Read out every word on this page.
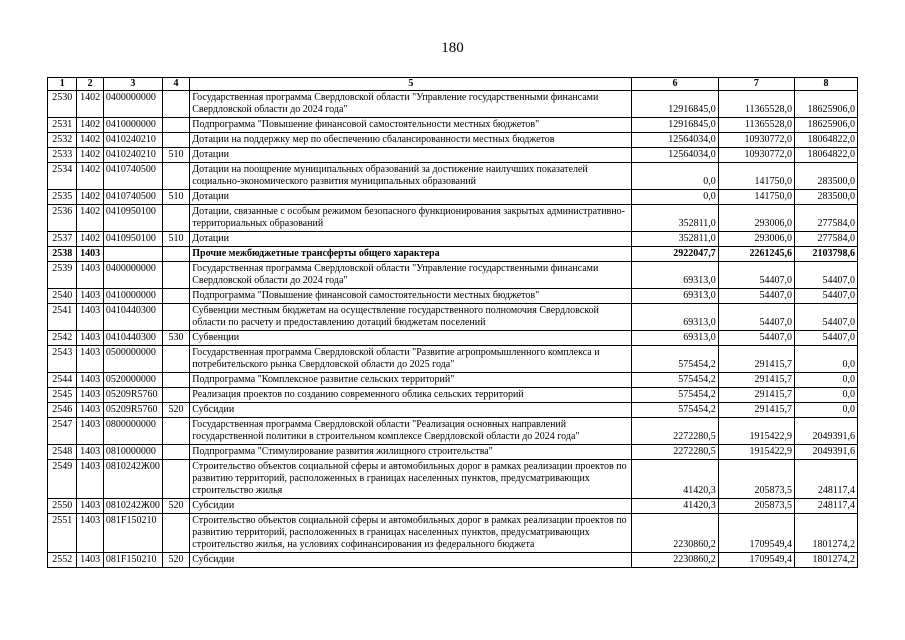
180
1	2	3	4	5	6	7	8
2530	1402	0400000000		Государственная программа Свердловской области "Управление государственными финансами Свердловской области до 2024 года"	12916845,0	11365528,0	18625906,0
2531	1402	0410000000		Подпрограмма "Повышение финансовой самостоятельности местных бюджетов"	12916845,0	11365528,0	18625906,0
2532	1402	0410240210		Дотации на поддержку мер по обеспечению сбалансированности местных бюджетов	12564034,0	10930772,0	18064822,0
2533	1402	0410240210	510	Дотации	12564034,0	10930772,0	18064822,0
2534	1402	0410740500		Дотации на поощрение муниципальных образований за достижение наилучших показателей социально-экономического развития муниципальных образований	0,0	141750,0	283500,0
2535	1402	0410740500	510	Дотации	0,0	141750,0	283500,0
2536	1402	0410950100		Дотации, связанные с особым режимом безопасного функционирования закрытых административно-территориальных образований	352811,0	293006,0	277584,0
2537	1402	0410950100	510	Дотации	352811,0	293006,0	277584,0
2538	1403			Прочие межбюджетные трансферты общего характера	2922047,7	2261245,6	2103798,6
2539	1403	0400000000		Государственная программа Свердловской области "Управление государственными финансами Свердловской области до 2024 года"	69313,0	54407,0	54407,0
2540	1403	0410000000		Подпрограмма "Повышение финансовой самостоятельности местных бюджетов"	69313,0	54407,0	54407,0
2541	1403	0410440300		Субвенции местным бюджетам на осуществление государственного полномочия Свердловской области по расчету и предоставлению дотаций бюджетам поселений	69313,0	54407,0	54407,0
2542	1403	0410440300	530	Субвенции	69313,0	54407,0	54407,0
2543	1403	0500000000		Государственная программа Свердловской области "Развитие агропромышленного комплекса и потребительского рынка Свердловской области до 2025 года"	575454,2	291415,7	0,0
2544	1403	0520000000		Подпрограмма "Комплексное развитие сельских территорий"	575454,2	291415,7	0,0
2545	1403	05209R5760		Реализация проектов по созданию современного облика сельских территорий	575454,2	291415,7	0,0
2546	1403	05209R5760	520	Субсидии	575454,2	291415,7	0,0
2547	1403	0800000000		Государственная программа Свердловской области "Реализация основных направлений государственной политики в строительном комплексе Свердловской области до 2024 года"	2272280,5	1915422,9	2049391,6
2548	1403	0810000000		Подпрограмма "Стимулирование развития жилищного строительства"	2272280,5	1915422,9	2049391,6
2549	1403	0810242Ж00		Строительство объектов социальной сферы и автомобильных дорог в рамках реализации проектов по развитию территорий, расположенных в границах населенных пунктов, предусматривающих строительство жилья	41420,3	205873,5	248117,4
2550	1403	0810242Ж00	520	Субсидии	41420,3	205873,5	248117,4
2551	1403	081F150210		Строительство объектов социальной сферы и автомобильных дорог в рамках реализации проектов по развитию территорий, расположенных в границах населенных пунктов, предусматривающих строительство жилья, на условиях софинансирования из федерального бюджета	2230860,2	1709549,4	1801274,2
2552	1403	081F150210	520	Субсидии	2230860,2	1709549,4	1801274,2
